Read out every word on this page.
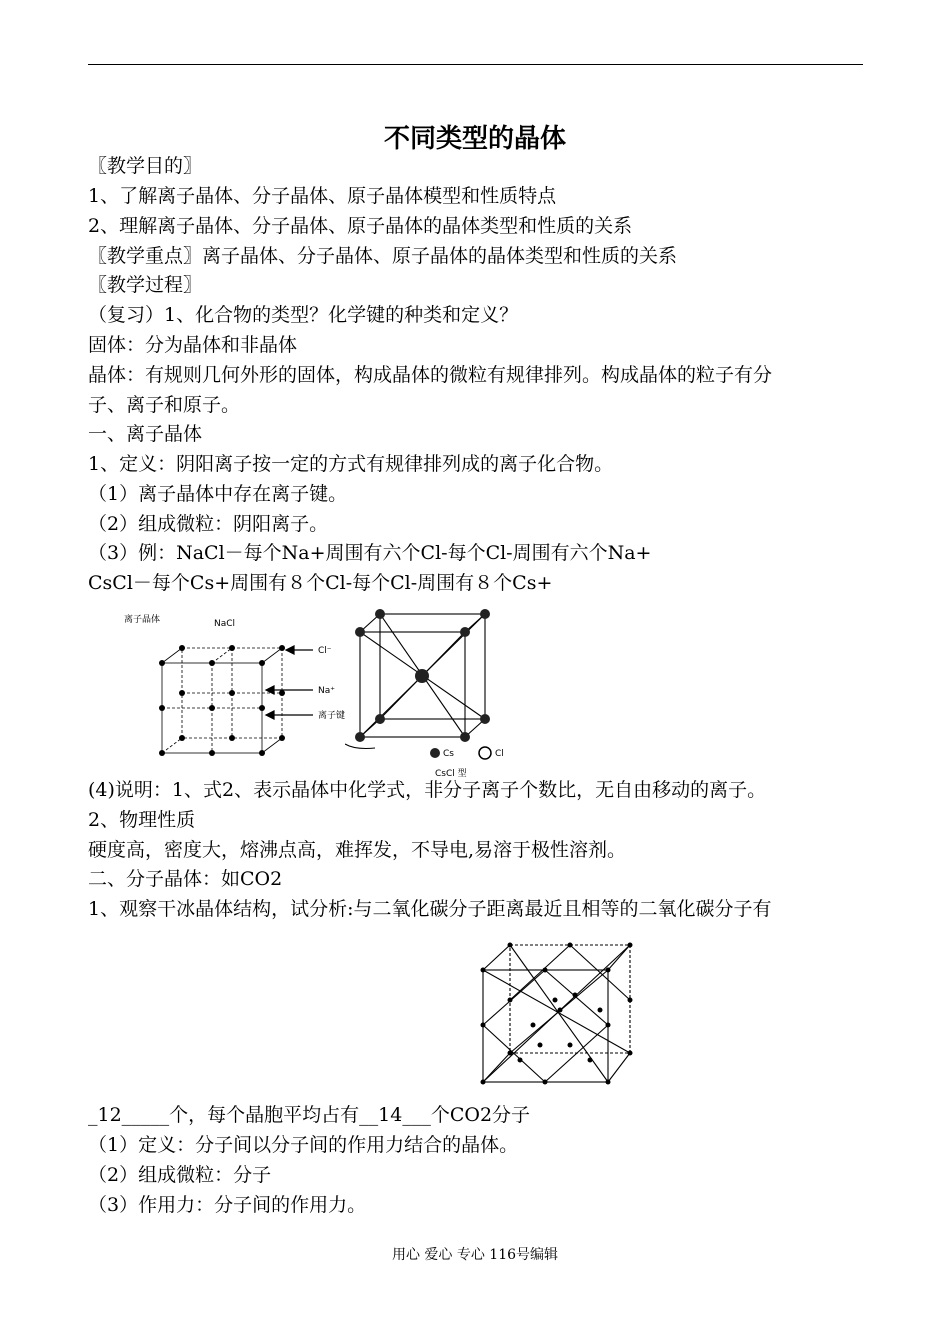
不同类型的晶体
〖教学目的〗
1、了解离子晶体、分子晶体、原子晶体模型和性质特点
2、理解离子晶体、分子晶体、原子晶体的晶体类型和性质的关系
〖教学重点〗离子晶体、分子晶体、原子晶体的晶体类型和性质的关系
〖教学过程〗
（复习）1、化合物的类型？化学键的种类和定义？
固体：分为晶体和非晶体
晶体：有规则几何外形的固体，构成晶体的微粒有规律排列。构成晶体的粒子有分
子、离子和原子。
一、离子晶体
1、定义：阴阳离子按一定的方式有规律排列成的离子化合物。
（1）离子晶体中存在离子键。
（2）组成微粒：阴阳离子。
（3）例：NaCl－每个Na+周围有六个Cl-每个Cl-周围有六个Na+
CsCl－每个Cs+周围有８个Cl-每个Cl-周围有８个Cs+
离子晶体	NaCl
Cl⁻
Na⁺
离子键
Cs	Cl
CsCl 型
(4)说明：1、式2、表示晶体中化学式，非分子离子个数比，无自由移动的离子。
2、物理性质
硬度高，密度大，熔沸点高，难挥发，不导电,易溶于极性溶剂。
二、分子晶体：如CO2
1、观察干冰晶体结构，试分析:与二氧化碳分子距离最近且相等的二氧化碳分子有
_12_____个，每个晶胞平均占有__14___个CO2分子
（1）定义：分子间以分子间的作用力结合的晶体。
（2）组成微粒：分子
（3）作用力：分子间的作用力。
用心 爱心 专心 116号编辑
